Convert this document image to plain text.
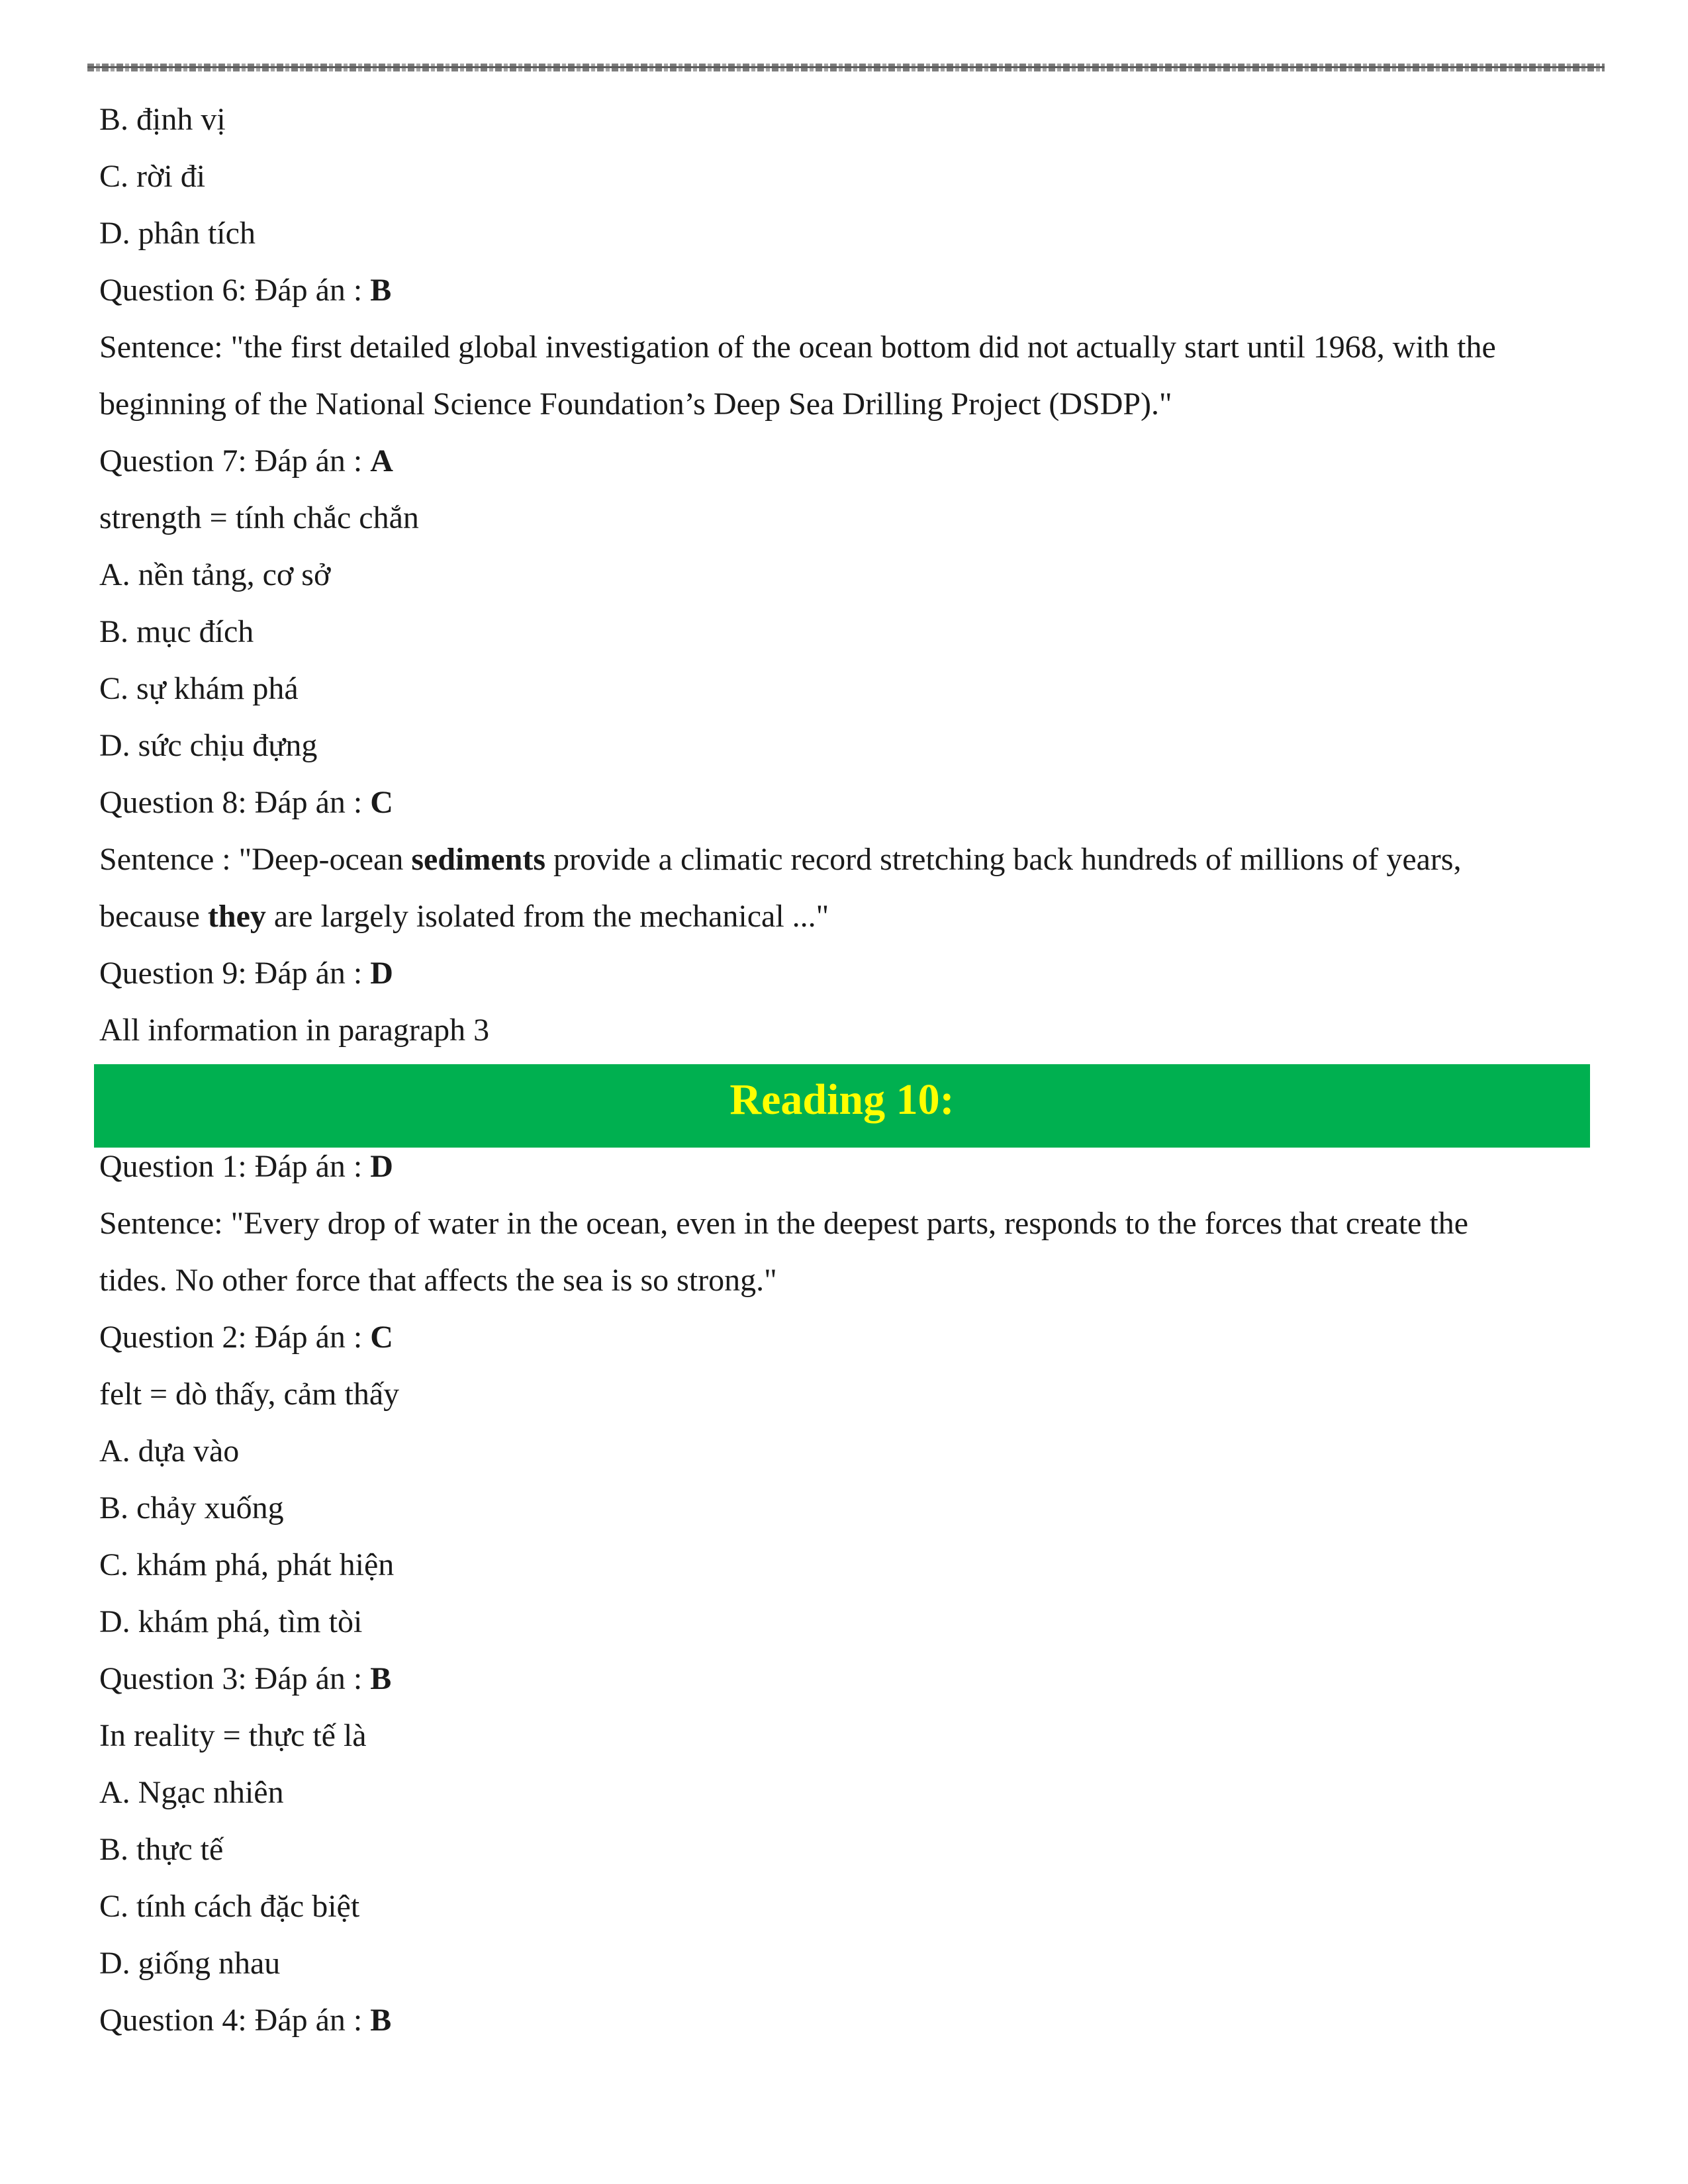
B. định vị
C. rời đi
D. phân tích
Question 6: Đáp án : B
Sentence: "the first detailed global investigation of the ocean bottom did not actually start until 1968, with the
beginning of the National Science Foundation’s Deep Sea Drilling Project (DSDP)."
Question 7: Đáp án : A
strength = tính chắc chắn
A. nền tảng, cơ sở
B. mục đích
C. sự khám phá
D. sức chịu đựng
Question 8: Đáp án : C
Sentence : "Deep-ocean sediments provide a climatic record stretching back hundreds of millions of years,
because they are largely isolated from the mechanical ..."
Question 9: Đáp án : D
All information in paragraph 3
Reading 10:
Question 1: Đáp án : D
Sentence: "Every drop of water in the ocean, even in the deepest parts, responds to the forces that create the
tides. No other force that affects the sea is so strong."
Question 2: Đáp án : C
felt = dò thấy, cảm thấy
A. dựa vào
B. chảy xuống
C. khám phá, phát hiện
D. khám phá, tìm tòi
Question 3: Đáp án : B
In reality = thực tế là
A. Ngạc nhiên
B. thực tế
C. tính cách đặc biệt
D. giống nhau
Question 4: Đáp án : B
